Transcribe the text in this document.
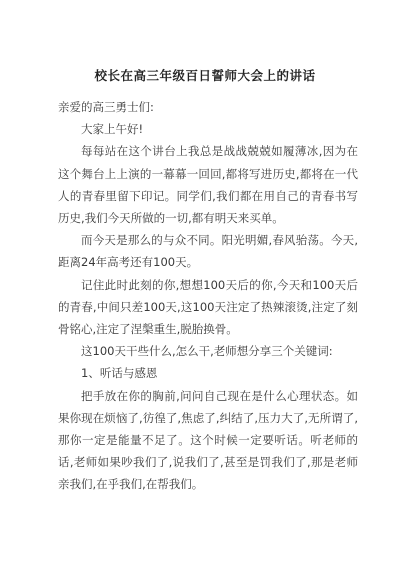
校长在高三年级百日誓师大会上的讲话

亲爱的高三勇士们:

大家上午好!

每每站在这个讲台上我总是战战兢兢如履薄冰,因为在这个舞台上上演的一幕幕一回回,都将写进历史,都将在一代人的青春里留下印记。同学们,我们都在用自己的青春书写历史,我们今天所做的一切,都有明天来买单。

而今天是那么的与众不同。阳光明媚,春风骀荡。今天,距离24年高考还有100天。

记住此时此刻的你,想想100天后的你,今天和100天后的青春,中间只差100天,这100天注定了热辣滚烫,注定了刻骨铭心,注定了涅槃重生,脱胎换骨。

这100天干些什么,怎么干,老师想分享三个关键词:

1、听话与感恩

把手放在你的胸前,问问自己现在是什么心理状态。如果你现在烦恼了,彷徨了,焦虑了,纠结了,压力大了,无所谓了,那你一定是能量不足了。这个时候一定要听话。听老师的话,老师如果吵我们了,说我们了,甚至是罚我们了,那是老师亲我们,在乎我们,在帮我们。
